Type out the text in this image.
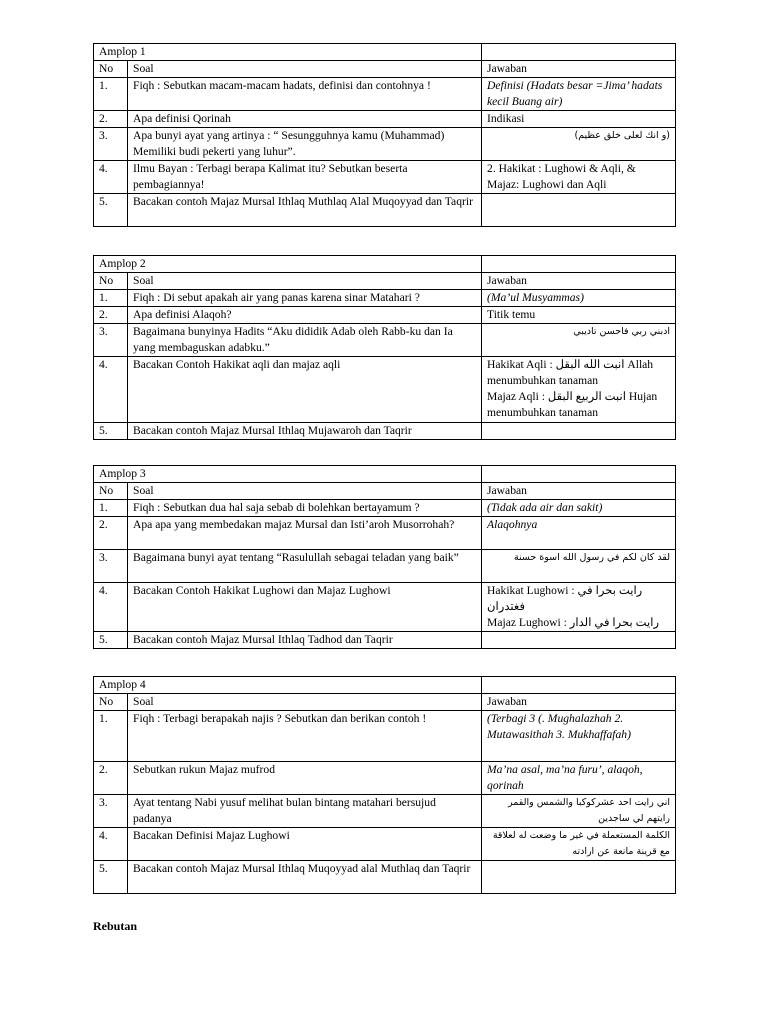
Amplop 1		
No	Soal	Jawaban
1.	Fiqh : Sebutkan macam-macam hadats, definisi dan contohnya !	Definisi (Hadats besar =Jima’ hadats kecil Buang air)

2.	Apa definisi Qorinah	Indikasi

3.	Apa bunyi ayat yang artinya : “ Sesungguhnya kamu (Muhammad) Memiliki budi pekerti yang luhur”.	(و انك لعلى خلق عظيم)

4.	Ilmu Bayan : Terbagi berapa Kalimat itu? Sebutkan beserta pembagiannya!	2. Hakikat : Lughowi & Aqli, & Majaz: Lughowi dan Aqli

5.	Bacakan contoh Majaz Mursal Ithlaq Muthlaq Alal Muqoyyad dan Taqrir	
Amplop 2		
No	Soal	Jawaban
1.	Fiqh : Di sebut apakah air yang panas karena sinar Matahari ?	(Ma’ul Musyammas)

2.	Apa definisi Alaqoh?	Titik temu

3.	Bagaimana bunyinya Hadits “Aku dididik Adab oleh Rabb-ku dan Ia yang membaguskan adabku.”	ادبني ربي فاحسن تاديبي

4.	Bacakan Contoh Hakikat aqli dan majaz aqli	Hakikat Aqli : انبت الله البقل Allah menumbuhkan tanaman
Majaz Aqli : انبت الربيع البقل Hujan menumbuhkan tanaman

5.	Bacakan contoh Majaz Mursal Ithlaq Mujawaroh dan Taqrir	
Amplop 3		
No	Soal	Jawaban
1.	Fiqh : Sebutkan dua hal saja sebab di bolehkan bertayamum ?	(Tidak ada air dan sakit)

2.	Apa apa yang membedakan majaz Mursal dan Isti’aroh Musorrohah?	Alaqohnya

3.	Bagaimana bunyi ayat tentang “Rasulullah sebagai teladan yang baik”	لقد كان لكم في رسول الله اسوة حسنة

4.	Bacakan Contoh Hakikat Lughowi dan Majaz Lughowi	Hakikat Lughowi : رايت بحرا في فغتدران
Majaz Lughowi : رايت بحرا في الدار

5.	Bacakan contoh Majaz Mursal Ithlaq Tadhod dan Taqrir	
Amplop 4		
No	Soal	Jawaban
1.	Fiqh : Terbagi berapakah najis ? Sebutkan dan berikan contoh !	(Terbagi 3 (. Mughalazhah 2. Mutawasithah 3. Mukhaffafah)

2.	Sebutkan rukun Majaz mufrod	Ma’na asal, ma’na furu’, alaqoh, qorinah

3.	Ayat tentang Nabi yusuf melihat bulan bintang matahari bersujud padanya	اني رايت احد عشركوكبا والشمس والقمر رايتهم لي ساجدين

4.	Bacakan Definisi Majaz Lughowi	الكلمة المستعملة في غير ما وضعت له لعلاقة مع قرينة مانعة عن ارادته

5.	Bacakan contoh Majaz Mursal Ithlaq Muqoyyad alal Muthlaq dan Taqrir	
Rebutan
